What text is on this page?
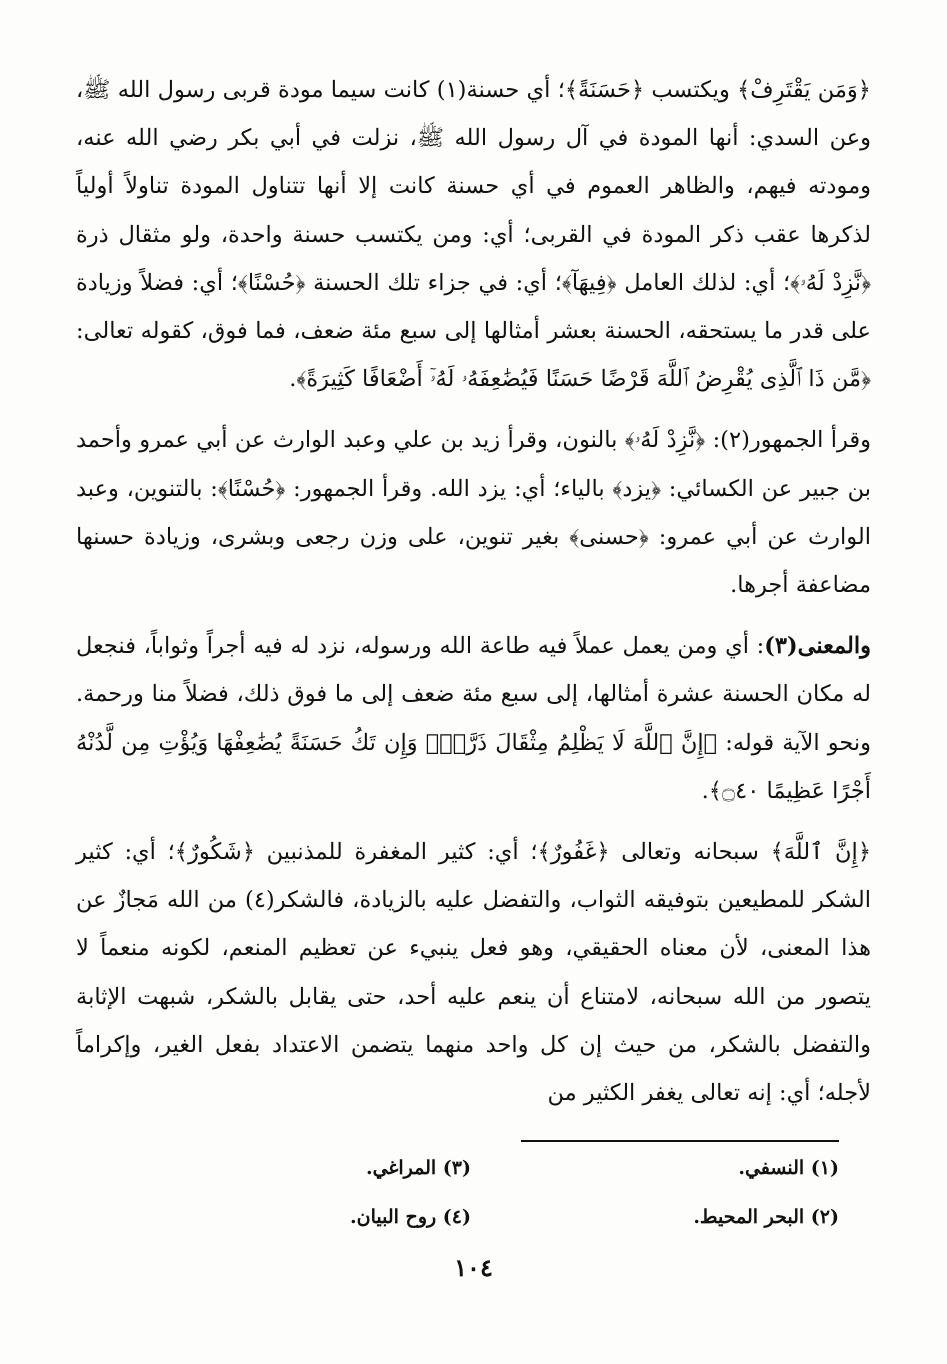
﴿وَمَن يَقْتَرِفْ﴾ ويكتسب ﴿حَسَنَةً﴾؛ أي حسنة(١) كانت سيما مودة قربى رسول الله ﷺ، وعن السدي: أنها المودة في آل رسول الله ﷺ، نزلت في أبي بكر رضي الله عنه، ومودته فيهم، والظاهر العموم في أي حسنة كانت إلا أنها تتناول المودة تناولاً أولياً لذكرها عقب ذكر المودة في القربى؛ أي: ومن يكتسب حسنة واحدة، ولو مثقال ذرة ﴿نَّزِدْ لَهُۥ﴾؛ أي: لذلك العامل ﴿فِيهَآ﴾؛ أي: في جزاء تلك الحسنة ﴿حُسْنًا﴾؛ أي: فضلاً وزيادة على قدر ما يستحقه، الحسنة بعشر أمثالها إلى سبع مئة ضعف، فما فوق، كقوله تعالى: ﴿مَّن ذَا ٱلَّذِى يُقْرِضُ ٱللَّهَ قَرْضًا حَسَنًا فَيُضَٰعِفَهُۥ لَهُۥٓ أَضْعَافًا كَثِيرَةً﴾.

وقرأ الجمهور(٢): ﴿نَّزِدْ لَهُۥ﴾ بالنون، وقرأ زيد بن علي وعبد الوارث عن أبي عمرو وأحمد بن جبير عن الكسائي: ﴿يزد﴾ بالياء؛ أي: يزد الله. وقرأ الجمهور: ﴿حُسْنًا﴾: بالتنوين، وعبد الوارث عن أبي عمرو: ﴿حسنى﴾ بغير تنوين، على وزن رجعى وبشرى، وزيادة حسنها مضاعفة أجرها.

والمعنى(٣): أي ومن يعمل عملاً فيه طاعة الله ورسوله، نزد له فيه أجراً وثواباً، فنجعل له مكان الحسنة عشرة أمثالها، إلى سبع مئة ضعف إلى ما فوق ذلك، فضلاً منا ورحمة. ونحو الآية قوله: ﴿إِنَّ ٱللَّهَ لَا يَظْلِمُ مِثْقَالَ ذَرَّةٍۖ وَإِن تَكُ حَسَنَةً يُضَٰعِفْهَا وَيُؤْتِ مِن لَّدُنْهُ أَجْرًا عَظِيمًا ۝٤٠﴾.

﴿إِنَّ ٱللَّهَ﴾ سبحانه وتعالى ﴿غَفُورٌ﴾؛ أي: كثير المغفرة للمذنبين ﴿شَكُورٌ﴾؛ أي: كثير الشكر للمطيعين بتوفيقه الثواب، والتفضل عليه بالزيادة، فالشكر(٤) من الله مَجازٌ عن هذا المعنى، لأن معناه الحقيقي، وهو فعل ينبيء عن تعظيم المنعم، لكونه منعماً لا يتصور من الله سبحانه، لامتناع أن ينعم عليه أحد، حتى يقابل بالشكر، شبهت الإثابة والتفضل بالشكر، من حيث إن كل واحد منهما يتضمن الاعتداد بفعل الغير، وإكراماً لأجله؛ أي: إنه تعالى يغفر الكثير من

(١) النسفي.
(٢) البحر المحيط.
(٣) المراغي.
(٤) روح البيان.
١٠٤
